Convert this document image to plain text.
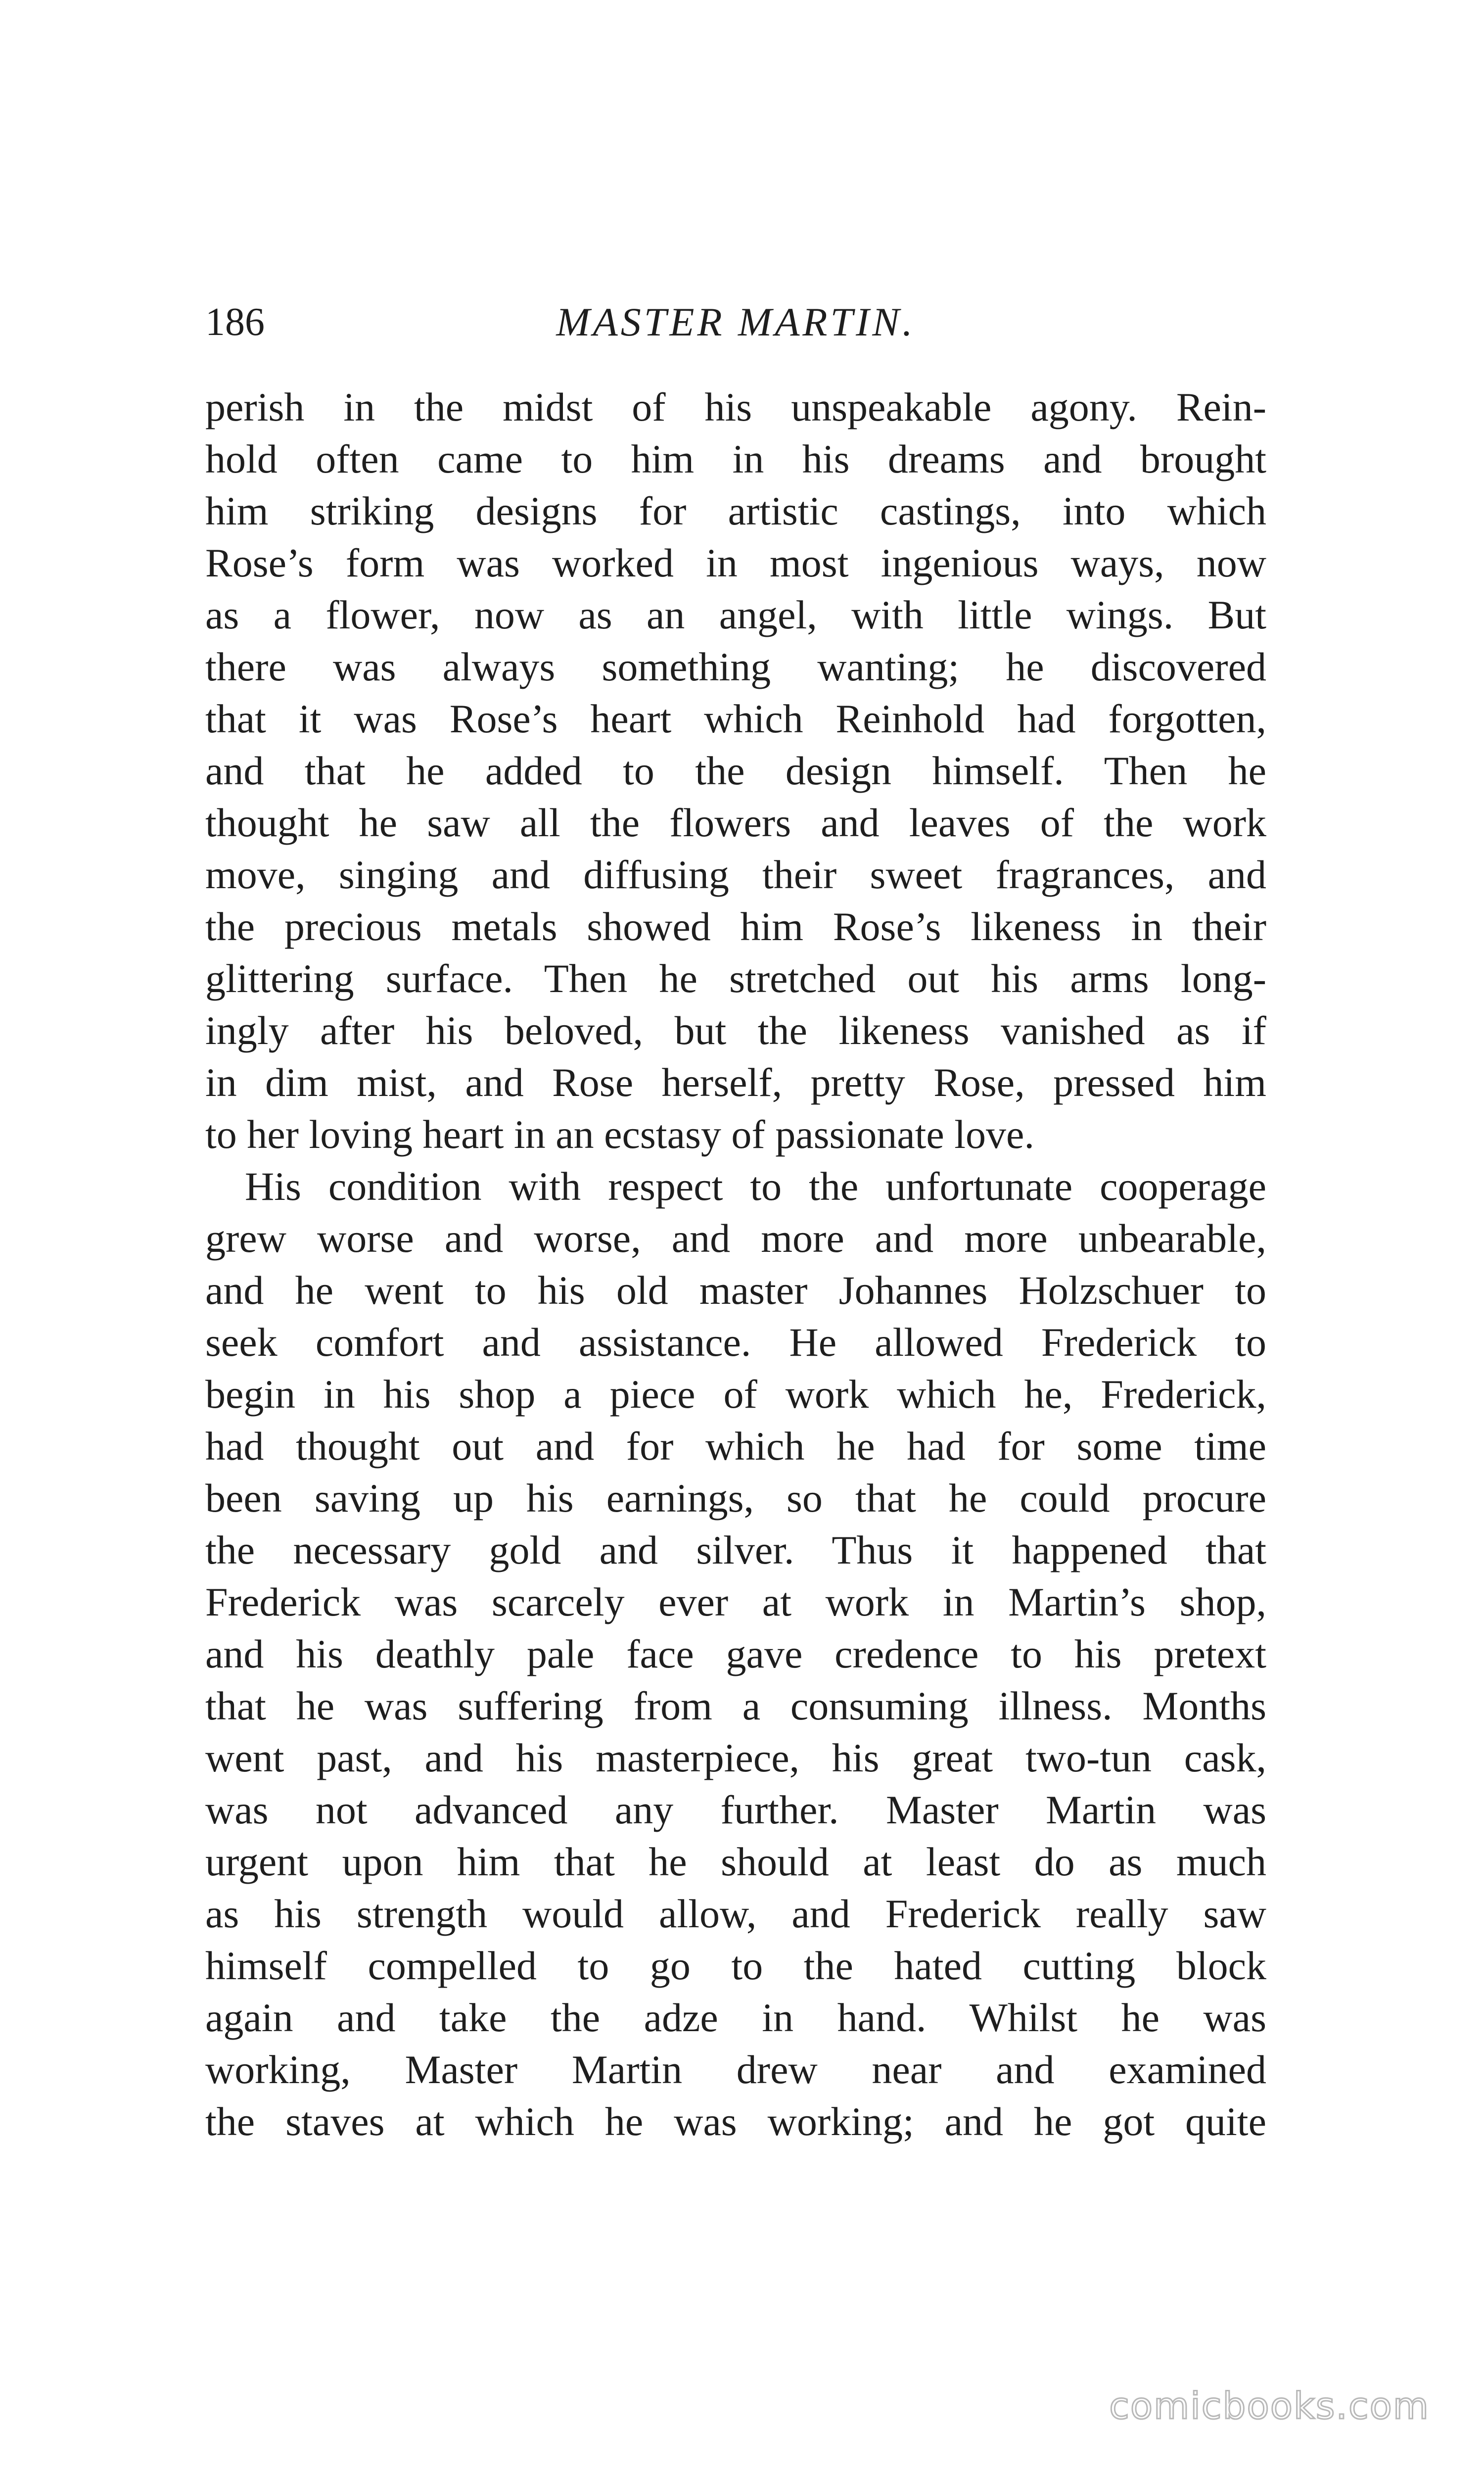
186	MASTER MARTIN.
perish in the midst of his unspeakable agony. Rein-
hold often came to him in his dreams and brought
him striking designs for artistic castings, into which
Rose’s form was worked in most ingenious ways, now
as a flower, now as an angel, with little wings. But
there was always something wanting; he discovered
that it was Rose’s heart which Reinhold had forgotten,
and that he added to the design himself. Then he
thought he saw all the flowers and leaves of the work
move, singing and diffusing their sweet fragrances, and
the precious metals showed him Rose’s likeness in their
glittering surface. Then he stretched out his arms long-
ingly after his beloved, but the likeness vanished as if
in dim mist, and Rose herself, pretty Rose, pressed him
to her loving heart in an ecstasy of passionate love.
His condition with respect to the unfortunate cooperage
grew worse and worse, and more and more unbearable,
and he went to his old master Johannes Holzschuer to
seek comfort and assistance. He allowed Frederick to
begin in his shop a piece of work which he, Frederick,
had thought out and for which he had for some time
been saving up his earnings, so that he could procure
the necessary gold and silver. Thus it happened that
Frederick was scarcely ever at work in Martin’s shop,
and his deathly pale face gave credence to his pretext
that he was suffering from a consuming illness. Months
went past, and his masterpiece, his great two-tun cask,
was not advanced any further. Master Martin was
urgent upon him that he should at least do as much
as his strength would allow, and Frederick really saw
himself compelled to go to the hated cutting block
again and take the adze in hand. Whilst he was
working, Master Martin drew near and examined
the staves at which he was working; and he got quite
comicbooks.com
